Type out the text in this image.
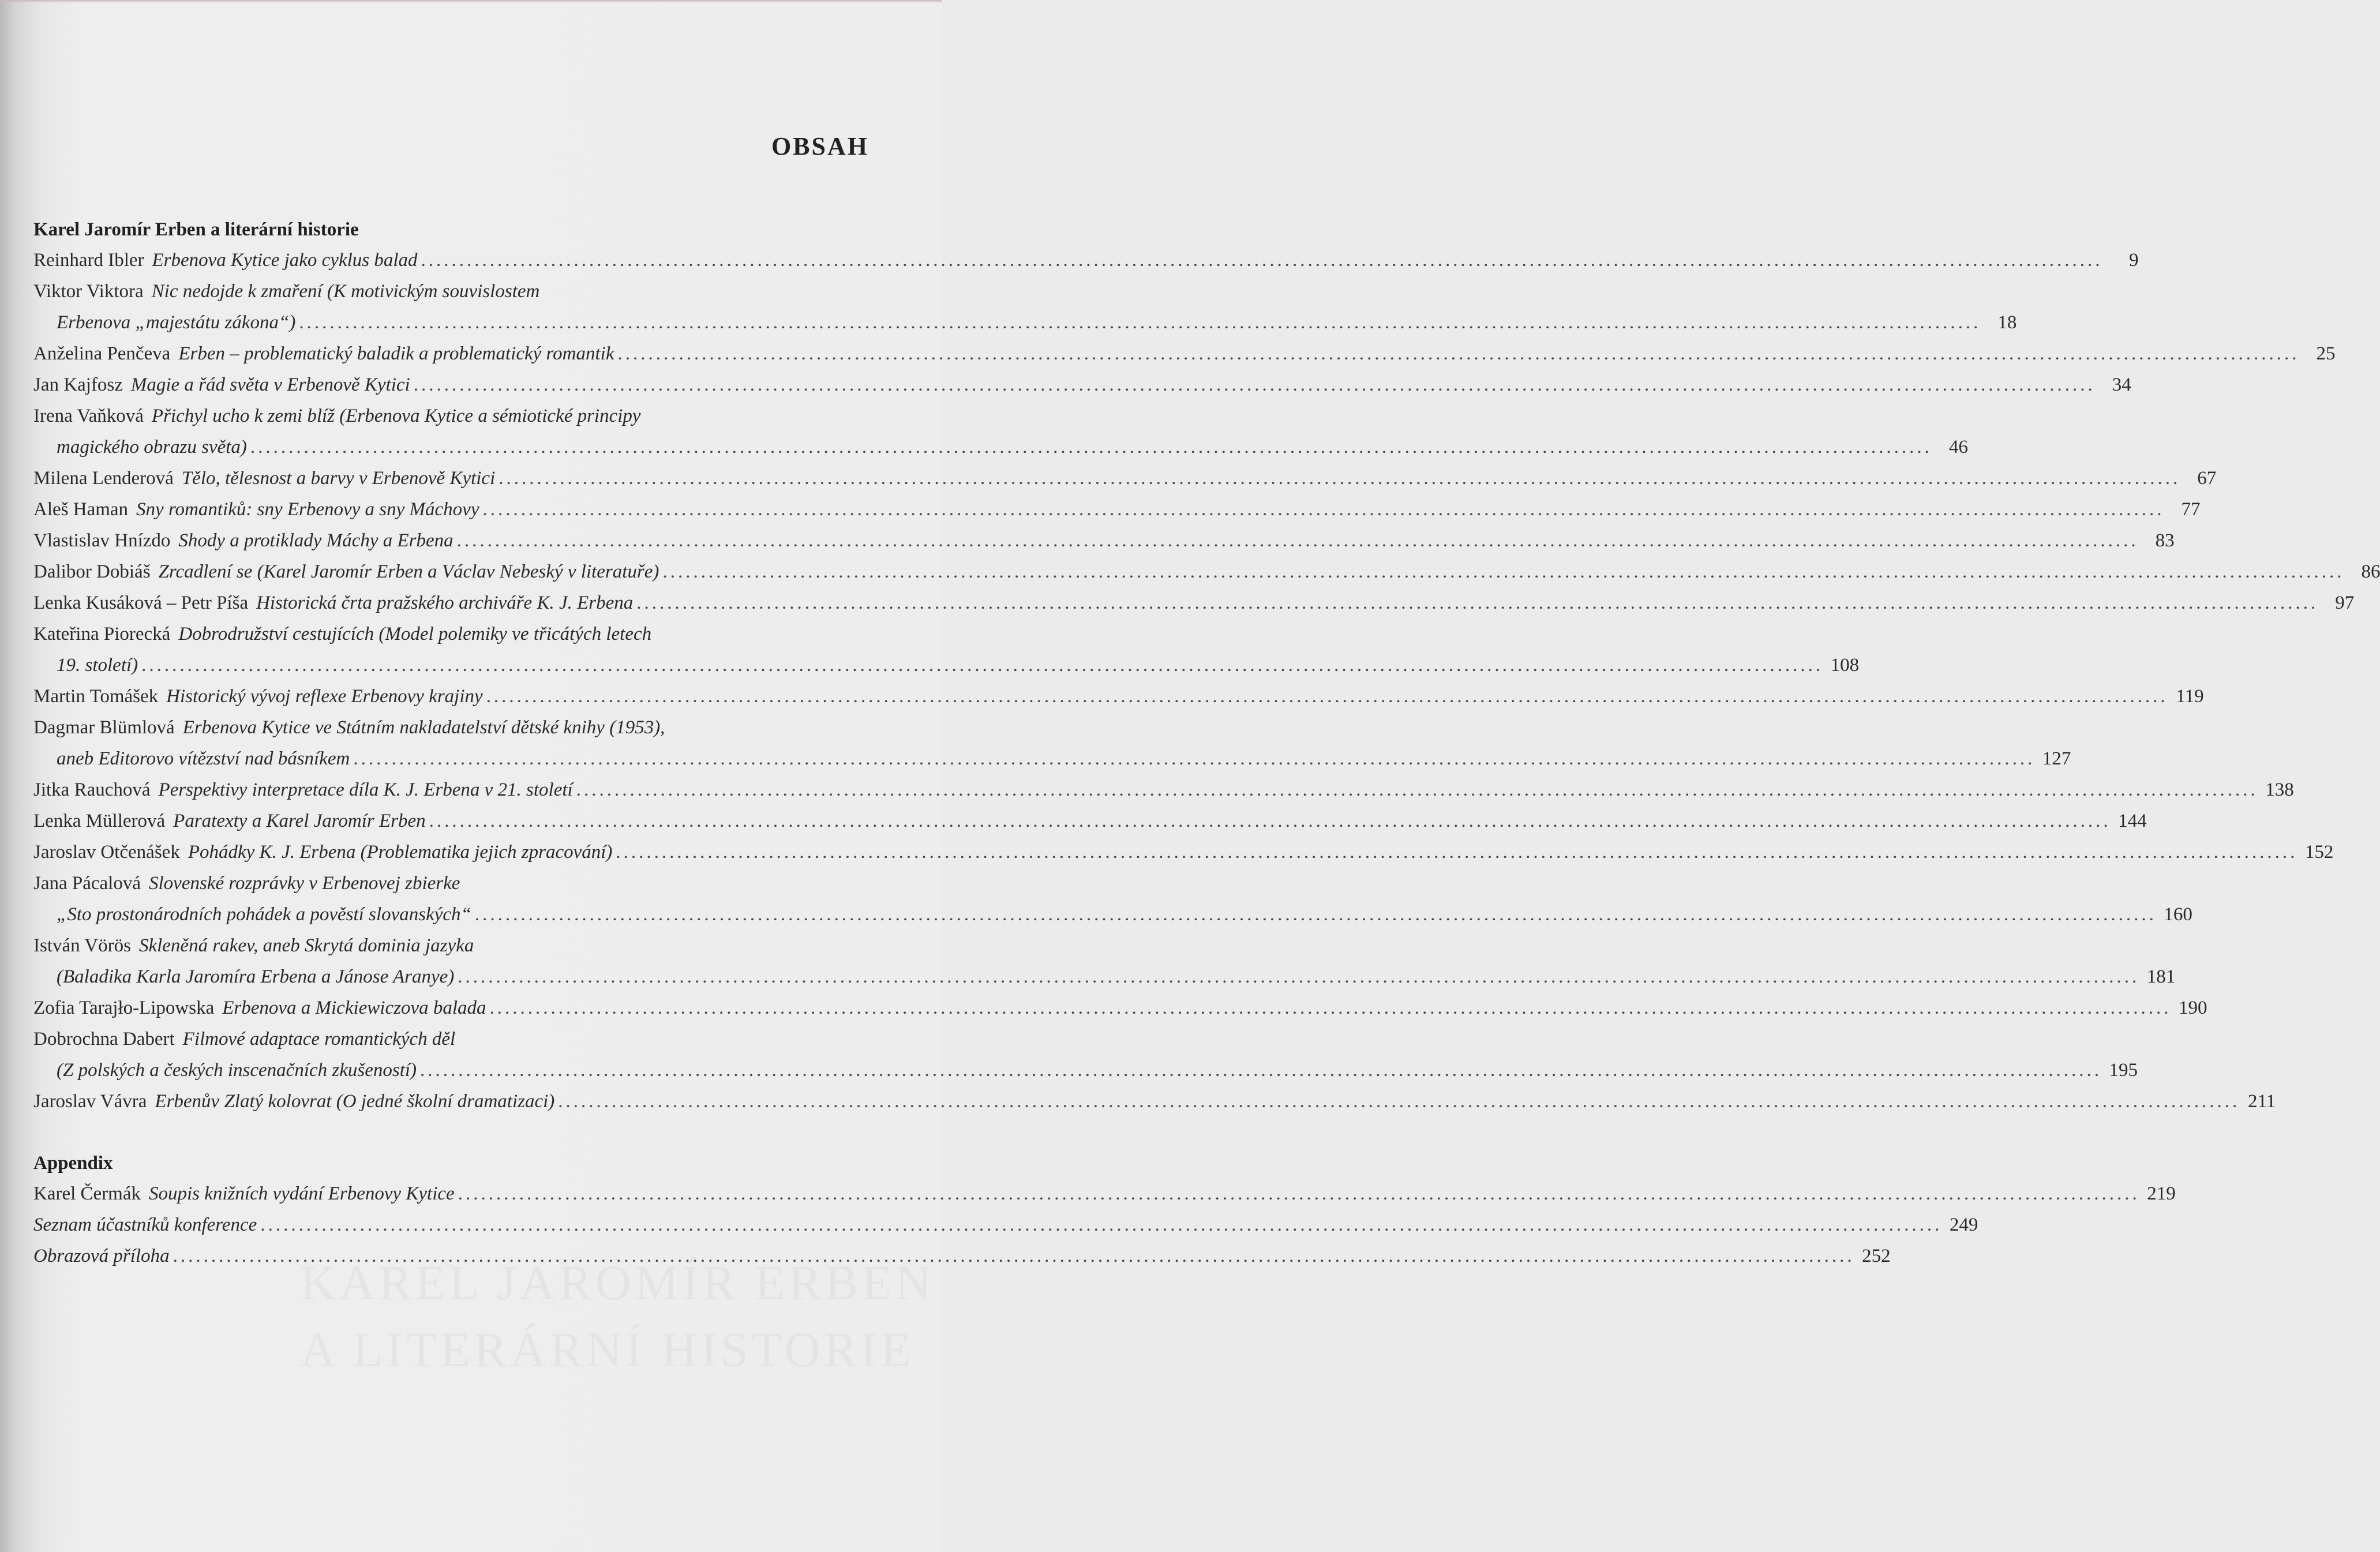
KAREL JAROMÍR ERBEN
A LITERÁRNÍ HISTORIE
OBSAH
Karel Jaromír Erben a literární historie
Reinhard Ibler Erbenova Kytice jako cyklus balad ............................................................................................................................................................................................................................	9
Viktor Viktora Nic nedojde k zmaření (K motivickým souvislostem
Erbenova „majestátu zákona“) ............................................................................................................................................................................................................................ 18
Anželina Penčeva Erben – problematický baladik a problematický romantik ............................................................................................................................................................................................................................ 25
Jan Kajfosz Magie a řád světa v Erbenově Kytici ............................................................................................................................................................................................................................ 34
Irena Vaňková Přichyl ucho k zemi blíž (Erbenova Kytice a sémiotické principy
magického obrazu světa) ............................................................................................................................................................................................................................ 46
Milena Lenderová Tělo, tělesnost a barvy v Erbenově Kytici ............................................................................................................................................................................................................................ 67
Aleš Haman Sny romantiků: sny Erbenovy a sny Máchovy ............................................................................................................................................................................................................................ 77
Vlastislav Hnízdo Shody a protiklady Máchy a Erbena ............................................................................................................................................................................................................................ 83
Dalibor Dobiáš Zrcadlení se (Karel Jaromír Erben a Václav Nebeský v literatuře) ............................................................................................................................................................................................................................ 86
Lenka Kusáková – Petr Píša Historická črta pražského archiváře K. J. Erbena ............................................................................................................................................................................................................................ 97
Kateřina Piorecká Dobrodružství cestujících (Model polemiky ve třicátých letech
19. století) ............................................................................................................................................................................................................................ 108
Martin Tomášek Historický vývoj reflexe Erbenovy krajiny ............................................................................................................................................................................................................................ 119
Dagmar Blümlová Erbenova Kytice ve Státním nakladatelství dětské knihy (1953),
aneb Editorovo vítězství nad básníkem ............................................................................................................................................................................................................................ 127
Jitka Rauchová Perspektivy interpretace díla K. J. Erbena v 21. století ............................................................................................................................................................................................................................ 138
Lenka Müllerová Paratexty a Karel Jaromír Erben ............................................................................................................................................................................................................................ 144
Jaroslav Otčenášek Pohádky K. J. Erbena (Problematika jejich zpracování) ............................................................................................................................................................................................................................ 152
Jana Pácalová Slovenské rozprávky v Erbenovej zbierke
„Sto prostonárodních pohádek a pověstí slovanských“ ............................................................................................................................................................................................................................ 160
István Vörös Skleněná rakev, aneb Skrytá dominia jazyka
(Baladika Karla Jaromíra Erbena a Jánose Aranye) ............................................................................................................................................................................................................................ 181
Zofia Tarajło-Lipowska Erbenova a Mickiewiczova balada ............................................................................................................................................................................................................................ 190
Dobrochna Dabert Filmové adaptace romantických děl
(Z polských a českých inscenačních zkušeností) ............................................................................................................................................................................................................................ 195
Jaroslav Vávra Erbenův Zlatý kolovrat (O jedné školní dramatizaci) ............................................................................................................................................................................................................................ 211
Appendix
Karel Čermák Soupis knižních vydání Erbenovy Kytice ............................................................................................................................................................................................................................ 219
Seznam účastníků konference ............................................................................................................................................................................................................................ 249
Obrazová příloha ............................................................................................................................................................................................................................ 252
